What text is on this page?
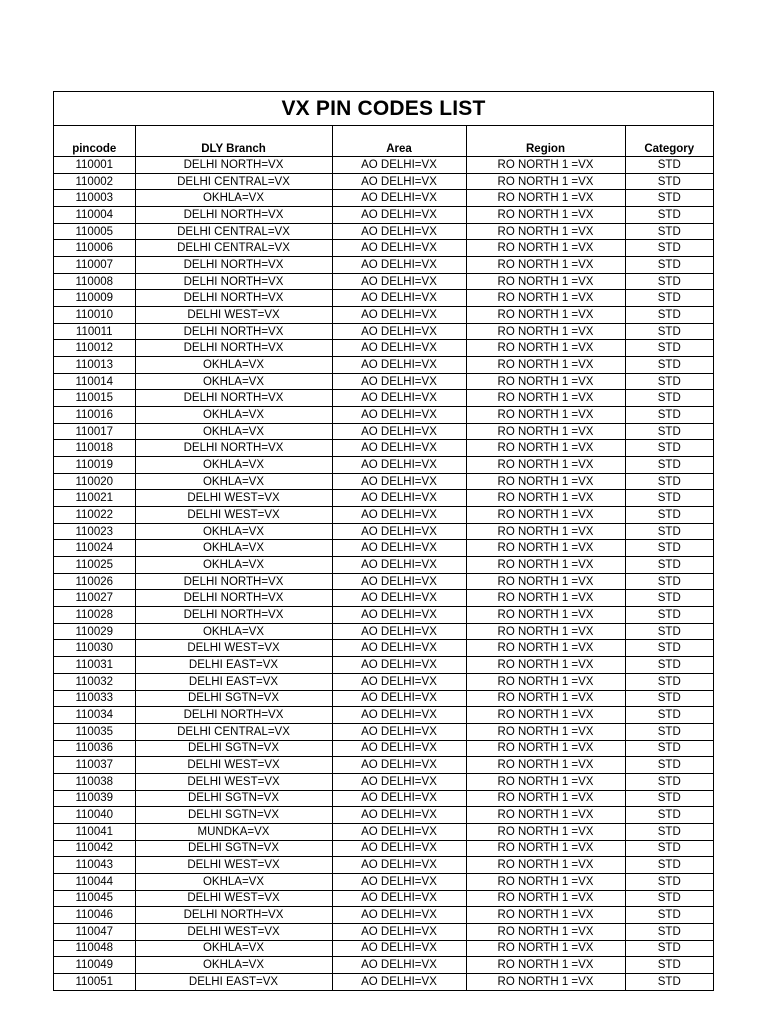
VX PIN CODES LIST
pincode	DLY Branch	Area	Region	Category
110001	DELHI NORTH=VX	AO DELHI=VX	RO NORTH 1 =VX	STD
110002	DELHI CENTRAL=VX	AO DELHI=VX	RO NORTH 1 =VX	STD
110003	OKHLA=VX	AO DELHI=VX	RO NORTH 1 =VX	STD
110004	DELHI NORTH=VX	AO DELHI=VX	RO NORTH 1 =VX	STD
110005	DELHI CENTRAL=VX	AO DELHI=VX	RO NORTH 1 =VX	STD
110006	DELHI CENTRAL=VX	AO DELHI=VX	RO NORTH 1 =VX	STD
110007	DELHI NORTH=VX	AO DELHI=VX	RO NORTH 1 =VX	STD
110008	DELHI NORTH=VX	AO DELHI=VX	RO NORTH 1 =VX	STD
110009	DELHI NORTH=VX	AO DELHI=VX	RO NORTH 1 =VX	STD
110010	DELHI WEST=VX	AO DELHI=VX	RO NORTH 1 =VX	STD
110011	DELHI NORTH=VX	AO DELHI=VX	RO NORTH 1 =VX	STD
110012	DELHI NORTH=VX	AO DELHI=VX	RO NORTH 1 =VX	STD
110013	OKHLA=VX	AO DELHI=VX	RO NORTH 1 =VX	STD
110014	OKHLA=VX	AO DELHI=VX	RO NORTH 1 =VX	STD
110015	DELHI NORTH=VX	AO DELHI=VX	RO NORTH 1 =VX	STD
110016	OKHLA=VX	AO DELHI=VX	RO NORTH 1 =VX	STD
110017	OKHLA=VX	AO DELHI=VX	RO NORTH 1 =VX	STD
110018	DELHI NORTH=VX	AO DELHI=VX	RO NORTH 1 =VX	STD
110019	OKHLA=VX	AO DELHI=VX	RO NORTH 1 =VX	STD
110020	OKHLA=VX	AO DELHI=VX	RO NORTH 1 =VX	STD
110021	DELHI WEST=VX	AO DELHI=VX	RO NORTH 1 =VX	STD
110022	DELHI WEST=VX	AO DELHI=VX	RO NORTH 1 =VX	STD
110023	OKHLA=VX	AO DELHI=VX	RO NORTH 1 =VX	STD
110024	OKHLA=VX	AO DELHI=VX	RO NORTH 1 =VX	STD
110025	OKHLA=VX	AO DELHI=VX	RO NORTH 1 =VX	STD
110026	DELHI NORTH=VX	AO DELHI=VX	RO NORTH 1 =VX	STD
110027	DELHI NORTH=VX	AO DELHI=VX	RO NORTH 1 =VX	STD
110028	DELHI NORTH=VX	AO DELHI=VX	RO NORTH 1 =VX	STD
110029	OKHLA=VX	AO DELHI=VX	RO NORTH 1 =VX	STD
110030	DELHI WEST=VX	AO DELHI=VX	RO NORTH 1 =VX	STD
110031	DELHI EAST=VX	AO DELHI=VX	RO NORTH 1 =VX	STD
110032	DELHI EAST=VX	AO DELHI=VX	RO NORTH 1 =VX	STD
110033	DELHI SGTN=VX	AO DELHI=VX	RO NORTH 1 =VX	STD
110034	DELHI NORTH=VX	AO DELHI=VX	RO NORTH 1 =VX	STD
110035	DELHI CENTRAL=VX	AO DELHI=VX	RO NORTH 1 =VX	STD
110036	DELHI SGTN=VX	AO DELHI=VX	RO NORTH 1 =VX	STD
110037	DELHI WEST=VX	AO DELHI=VX	RO NORTH 1 =VX	STD
110038	DELHI WEST=VX	AO DELHI=VX	RO NORTH 1 =VX	STD
110039	DELHI SGTN=VX	AO DELHI=VX	RO NORTH 1 =VX	STD
110040	DELHI SGTN=VX	AO DELHI=VX	RO NORTH 1 =VX	STD
110041	MUNDKA=VX	AO DELHI=VX	RO NORTH 1 =VX	STD
110042	DELHI SGTN=VX	AO DELHI=VX	RO NORTH 1 =VX	STD
110043	DELHI WEST=VX	AO DELHI=VX	RO NORTH 1 =VX	STD
110044	OKHLA=VX	AO DELHI=VX	RO NORTH 1 =VX	STD
110045	DELHI WEST=VX	AO DELHI=VX	RO NORTH 1 =VX	STD
110046	DELHI NORTH=VX	AO DELHI=VX	RO NORTH 1 =VX	STD
110047	DELHI WEST=VX	AO DELHI=VX	RO NORTH 1 =VX	STD
110048	OKHLA=VX	AO DELHI=VX	RO NORTH 1 =VX	STD
110049	OKHLA=VX	AO DELHI=VX	RO NORTH 1 =VX	STD
110051	DELHI EAST=VX	AO DELHI=VX	RO NORTH 1 =VX	STD
